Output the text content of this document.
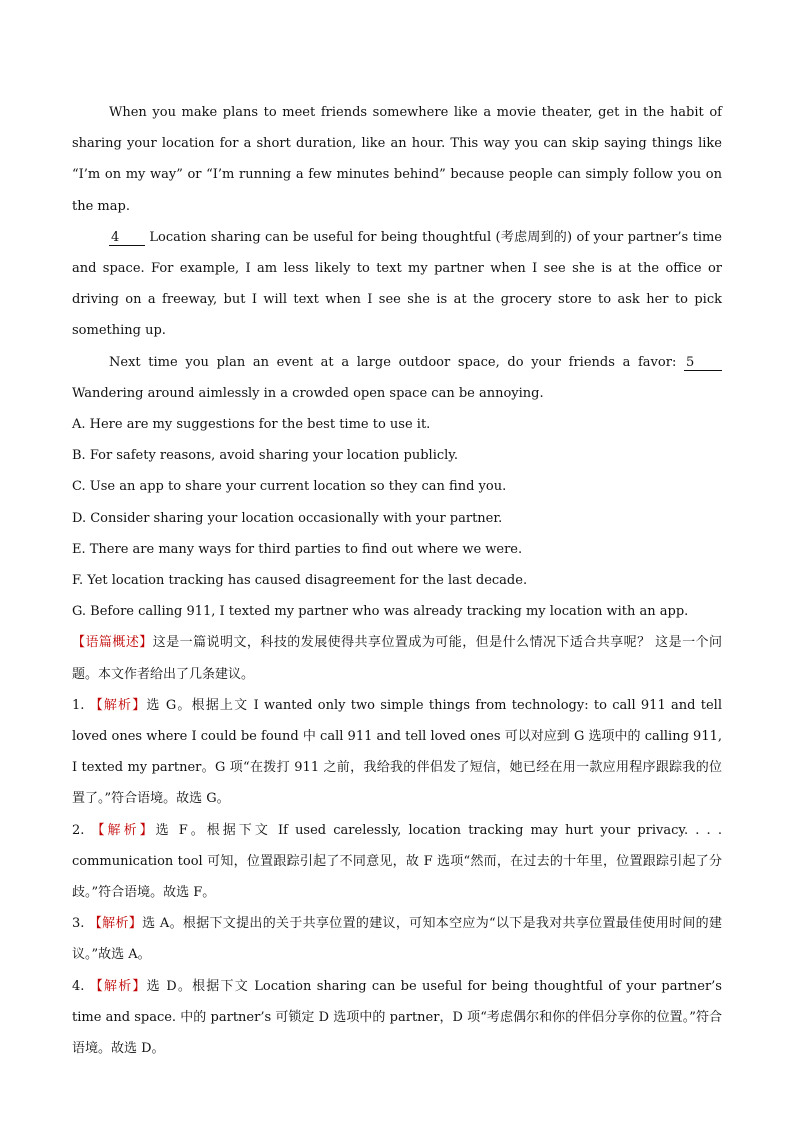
When you make plans to meet friends somewhere like a movie theater, get in the habit of sharing your location for a short duration, like an hour. This way you can skip saying things like “I’m on my way” or “I’m running a few minutes behind” because people can simply follow you on the map.

4 Location sharing can be useful for being thoughtful (考虑周到的) of your partner’s time and space. For example, I am less likely to text my partner when I see she is at the office or driving on a freeway, but I will text when I see she is at the grocery store to ask her to pick something up.

Next time you plan an event at a large outdoor space, do your friends a favor: 5 Wandering around aimlessly in a crowded open space can be annoying.

A. Here are my suggestions for the best time to use it.

B. For safety reasons, avoid sharing your location publicly.

C. Use an app to share your current location so they can find you.

D. Consider sharing your location occasionally with your partner.

E. There are many ways for third parties to find out where we were.

F. Yet location tracking has caused disagreement for the last decade.

G. Before calling 911, I texted my partner who was already tracking my location with an app.

【语篇概述】这是一篇说明文，科技的发展使得共享位置成为可能，但是什么情况下适合共享呢？ 这是一个问题。本文作者给出了几条建议。

1. 【解析】选 G。根据上文 I wanted only two simple things from technology: to call 911 and tell loved ones where I could be found 中 call 911 and tell loved ones 可以对应到 G 选项中的 calling 911, I texted my partner。G 项“在拨打 911 之前，我给我的伴侣发了短信，她已经在用一款应用程序跟踪我的位置了。”符合语境。故选 G。

2. 【解析】选 F。根据下文 If used carelessly, location tracking may hurt your privacy. . . . communication tool 可知，位置跟踪引起了不同意见，故 F 选项“然而，在过去的十年里，位置跟踪引起了分歧。”符合语境。故选 F。

3. 【解析】选 A。根据下文提出的关于共享位置的建议，可知本空应为“以下是我对共享位置最佳使用时间的建议。”故选 A。

4. 【解析】选 D。根据下文 Location sharing can be useful for being thoughtful of your partner’s time and space. 中的 partner’s 可锁定 D 选项中的 partner，D 项“考虑偶尔和你的伴侣分享你的位置。”符合语境。故选 D。
